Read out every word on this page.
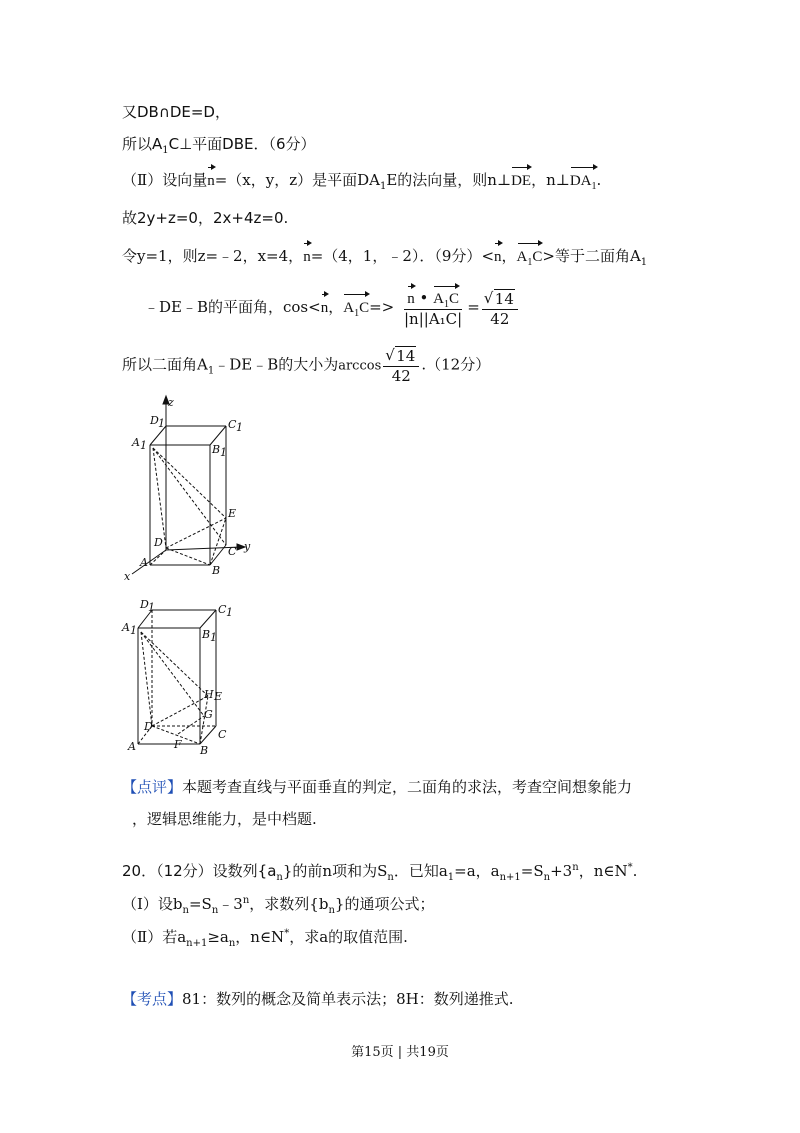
又DB∩DE=D，
所以$A_1C\perp$平面DBE．（6分）
（Ⅱ）设向量n=（x，y，z）是平面$DA_1E$的法向量，则n⊥DE，$n\perp DA_1$.
故2y+z=0，2x+4z=0.
令y=1，则z=﹣2，x=4，n=（4，1，﹣2）．（9分）<n，$A_1C>$等于二面角$A_1$
﹣DE﹣B的平面角，cos<n，$A_1C=> \frac{n • A_1C}{\text{|n||A₁C|}}$ = √ $\frac{14}{42}$
所以二面角$A_1﹣DE﹣B$的大小为arccos √ $\frac{14}{42} .(12$分）
z
D 1	C 1
A 1	B 1
E
D
C y
A
B
x
D 1	C 1
A 1	B 1
H E
G
D
C
A	F B
【点评】本题考查直线与平面垂直的判定，二面角的求法，考查空间想象能力
，逻辑思维能力，是中档题.
20．（12分）设数列$\{a_n\}$的前n项和为$S_n$．已知$a_1=a$，$a_{n+1}=S_n+3^n$，n∈N*.
（Ⅰ）设$b_n=S_n﹣3^n$，求数列$\{b_n\}$的通项公式；
（Ⅱ）若$a_{n+1}\ge a_n$，n∈N*，求a的取值范围.
【考点】81：数列的概念及简单表示法；8H：数列递推式.
第15页 | 共19页
